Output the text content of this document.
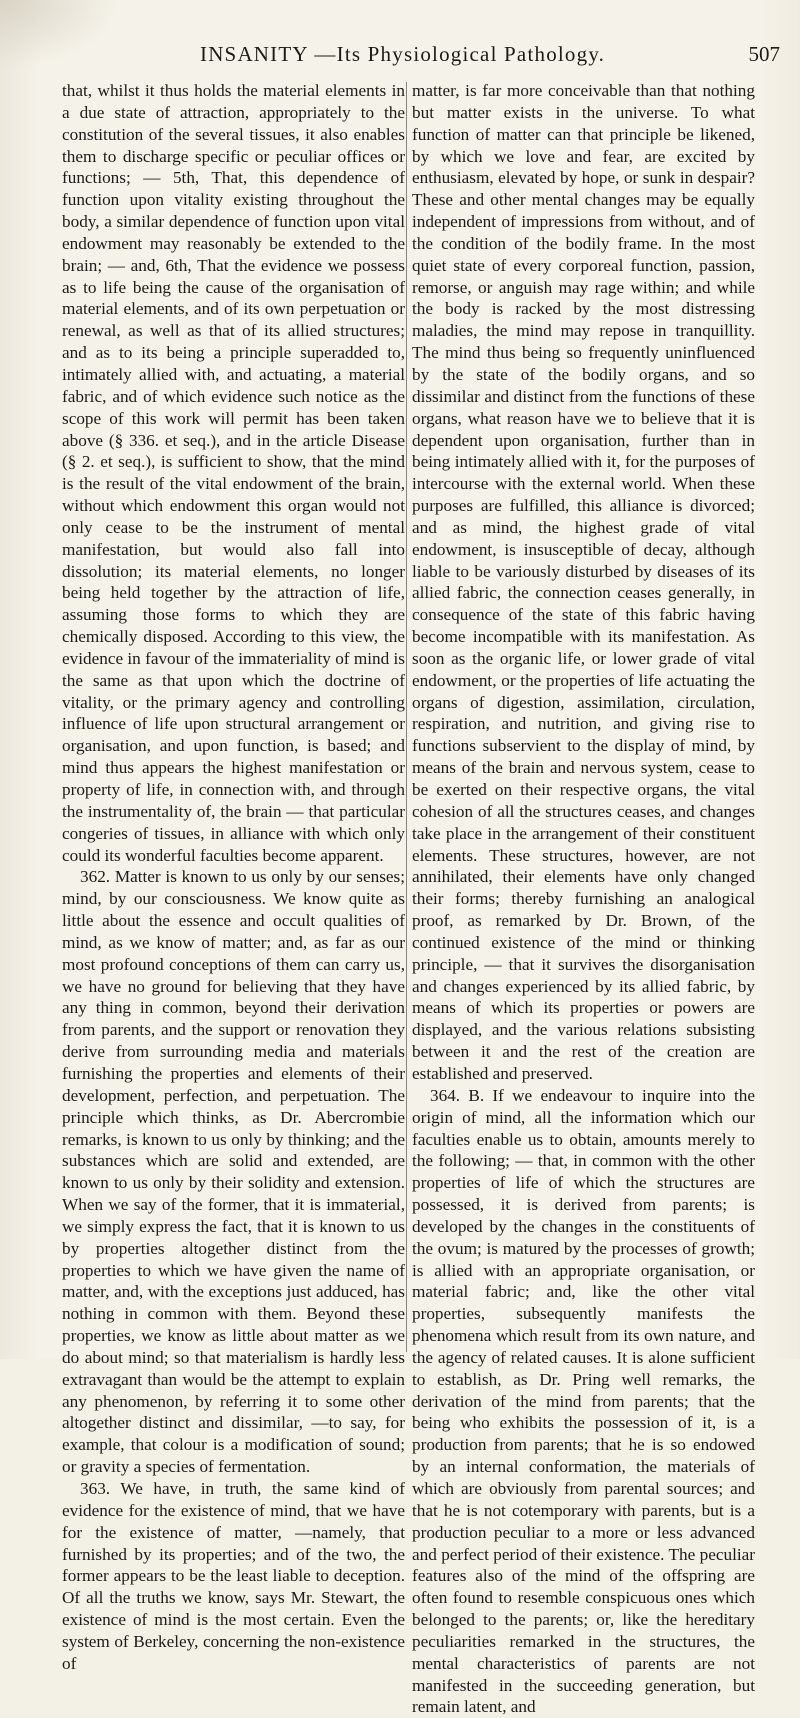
INSANITY —Its Physiological Pathology.	507

that, whilst it thus holds the material elements in a due state of attraction, appropriately to the constitution of the several tissues, it also enables them to discharge specific or peculiar offices or functions; — 5th, That, this dependence of function upon vitality existing throughout the body, a similar dependence of function upon vital endowment may reasonably be extended to the brain; — and, 6th, That the evidence we possess as to life being the cause of the organisation of material elements, and of its own perpetuation or renewal, as well as that of its allied structures; and as to its being a principle superadded to, intimately allied with, and actuating, a material fabric, and of which evidence such notice as the scope of this work will permit has been taken above (§ 336. et seq.), and in the article Disease (§ 2. et seq.), is sufficient to show, that the mind is the result of the vital endowment of the brain, without which endowment this organ would not only cease to be the instrument of mental manifestation, but would also fall into dissolution; its material elements, no longer being held together by the attraction of life, assuming those forms to which they are chemically disposed. According to this view, the evidence in favour of the immateriality of mind is the same as that upon which the doctrine of vitality, or the primary agency and controlling influence of life upon structural arrangement or organisation, and upon function, is based; and mind thus appears the highest manifestation or property of life, in connection with, and through the instrumentality of, the brain — that particular congeries of tissues, in alliance with which only could its wonderful faculties become apparent.

362. Matter is known to us only by our senses; mind, by our consciousness. We know quite as little about the essence and occult qualities of mind, as we know of matter; and, as far as our most profound conceptions of them can carry us, we have no ground for believing that they have any thing in common, beyond their derivation from parents, and the support or renovation they derive from surrounding media and materials furnishing the properties and elements of their development, perfection, and perpetuation. The principle which thinks, as Dr. Abercrombie remarks, is known to us only by thinking; and the substances which are solid and extended, are known to us only by their solidity and extension. When we say of the former, that it is immaterial, we simply express the fact, that it is known to us by properties altogether distinct from the properties to which we have given the name of matter, and, with the exceptions just adduced, has nothing in common with them. Beyond these properties, we know as little about matter as we do about mind; so that materialism is hardly less extravagant than would be the attempt to explain any phenomenon, by referring it to some other altogether distinct and dissimilar, —to say, for example, that colour is a modification of sound; or gravity a species of fermentation.

363. We have, in truth, the same kind of evidence for the existence of mind, that we have for the existence of matter, —namely, that furnished by its properties; and of the two, the former appears to be the least liable to deception. Of all the truths we know, says Mr. Stewart, the existence of mind is the most certain. Even the system of Berkeley, concerning the non-existence of

matter, is far more conceivable than that nothing but matter exists in the universe. To what function of matter can that principle be likened, by which we love and fear, are excited by enthusiasm, elevated by hope, or sunk in despair? These and other mental changes may be equally independent of impressions from without, and of the condition of the bodily frame. In the most quiet state of every corporeal function, passion, remorse, or anguish may rage within; and while the body is racked by the most distressing maladies, the mind may repose in tranquillity. The mind thus being so frequently uninfluenced by the state of the bodily organs, and so dissimilar and distinct from the functions of these organs, what reason have we to believe that it is dependent upon organisation, further than in being intimately allied with it, for the purposes of intercourse with the external world. When these purposes are fulfilled, this alliance is divorced; and as mind, the highest grade of vital endowment, is insusceptible of decay, although liable to be variously disturbed by diseases of its allied fabric, the connection ceases generally, in consequence of the state of this fabric having become incompatible with its manifestation. As soon as the organic life, or lower grade of vital endowment, or the properties of life actuating the organs of digestion, assimilation, circulation, respiration, and nutrition, and giving rise to functions subservient to the display of mind, by means of the brain and nervous system, cease to be exerted on their respective organs, the vital cohesion of all the structures ceases, and changes take place in the arrangement of their constituent elements. These structures, however, are not annihilated, their elements have only changed their forms; thereby furnishing an analogical proof, as remarked by Dr. Brown, of the continued existence of the mind or thinking principle, — that it survives the disorganisation and changes experienced by its allied fabric, by means of which its properties or powers are displayed, and the various relations subsisting between it and the rest of the creation are established and preserved.

364. B. If we endeavour to inquire into the origin of mind, all the information which our faculties enable us to obtain, amounts merely to the following; — that, in common with the other properties of life of which the structures are possessed, it is derived from parents; is developed by the changes in the constituents of the ovum; is matured by the processes of growth; is allied with an appropriate organisation, or material fabric; and, like the other vital properties, subsequently manifests the phenomena which result from its own nature, and the agency of related causes. It is alone sufficient to establish, as Dr. Pring well remarks, the derivation of the mind from parents; that the being who exhibits the possession of it, is a production from parents; that he is so endowed by an internal conformation, the materials of which are obviously from parental sources; and that he is not cotemporary with parents, but is a production peculiar to a more or less advanced and perfect period of their existence. The peculiar features also of the mind of the offspring are often found to resemble conspicuous ones which belonged to the parents; or, like the hereditary peculiarities remarked in the structures, the mental characteristics of parents are not manifested in the succeeding generation, but remain latent, and
